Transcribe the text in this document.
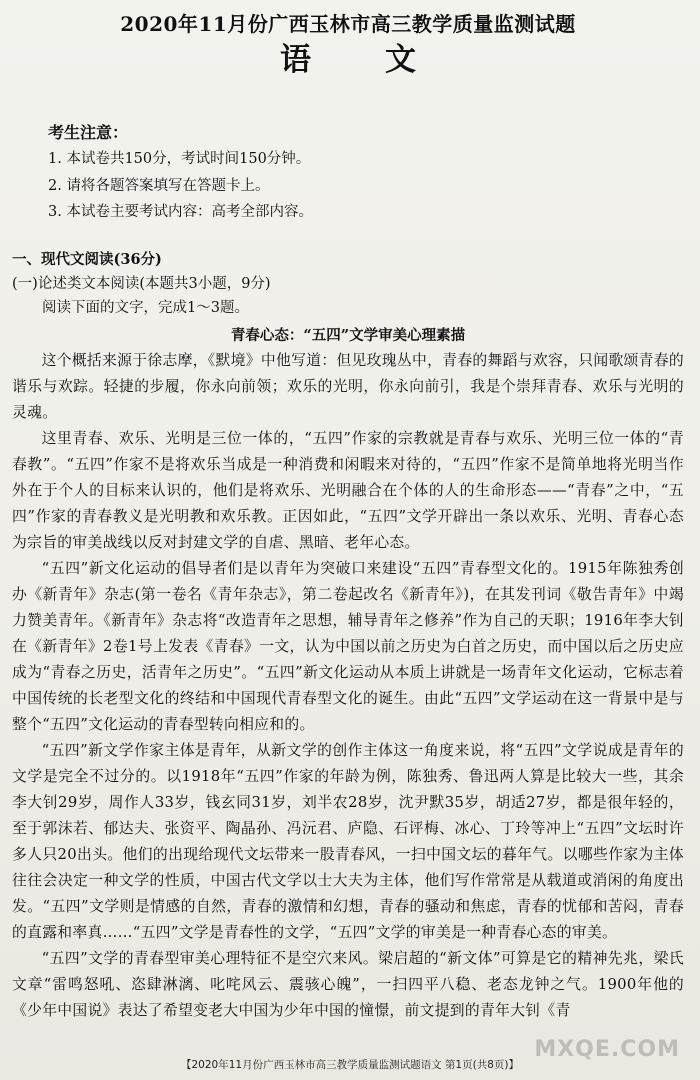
2020年11月份广西玉林市高三教学质量监测试题
语文
考生注意：
1. 本试卷共150分，考试时间150分钟。
2. 请将各题答案填写在答题卡上。
3. 本试卷主要考试内容：高考全部内容。
一、现代文阅读(36分)
(一)论述类文本阅读(本题共3小题，9分)
阅读下面的文字，完成1～3题。
青春心态：“五四”文学审美心理素描

这个概括来源于徐志摩，《默境》中他写道：但见玫瑰丛中，青春的舞蹈与欢容，只闻歌颂青春的谐乐与欢踪。轻捷的步履，你永向前领；欢乐的光明，你永向前引，我是个崇拜青春、欢乐与光明的灵魂。

这里青春、欢乐、光明是三位一体的，“五四”作家的宗教就是青春与欢乐、光明三位一体的“青春教”。“五四”作家不是将欢乐当成是一种消费和闲暇来对待的，“五四”作家不是简单地将光明当作外在于个人的目标来认识的，他们是将欢乐、光明融合在个体的人的生命形态——“青春”之中，“五四”作家的青春教义是光明教和欢乐教。正因如此，“五四”文学开辟出一条以欢乐、光明、青春心态为宗旨的审美战线以反对封建文学的自虐、黑暗、老年心态。

“五四”新文化运动的倡导者们是以青年为突破口来建设“五四”青春型文化的。1915年陈独秀创办《新青年》杂志(第一卷名《青年杂志》，第二卷起改名《新青年》)，在其发刊词《敬告青年》中竭力赞美青年。《新青年》杂志将“改造青年之思想，辅导青年之修养”作为自己的天职；1916年李大钊在《新青年》2卷1号上发表《青春》一文，认为中国以前之历史为白首之历史，而中国以后之历史应成为“青春之历史，活青年之历史”。“五四”新文化运动从本质上讲就是一场青年文化运动，它标志着中国传统的长老型文化的终结和中国现代青春型文化的诞生。由此“五四”文学运动在这一背景中是与整个“五四”文化运动的青春型转向相应和的。

“五四”新文学作家主体是青年，从新文学的创作主体这一角度来说，将“五四”文学说成是青年的文学是完全不过分的。以1918年“五四”作家的年龄为例，陈独秀、鲁迅两人算是比较大一些，其余李大钊29岁，周作人33岁，钱玄同31岁，刘半农28岁，沈尹默35岁，胡适27岁，都是很年轻的，至于郭沫若、郁达夫、张资平、陶晶孙、冯沅君、庐隐、石评梅、冰心、丁玲等冲上“五四”文坛时许多人只20出头。他们的出现给现代文坛带来一股青春风，一扫中国文坛的暮年气。以哪些作家为主体往往会决定一种文学的性质，中国古代文学以士大夫为主体，他们写作常常是从载道或消闲的角度出发。“五四”文学则是情感的自然，青春的激情和幻想，青春的骚动和焦虑，青春的忧郁和苦闷，青春的直露和率真……“五四”文学是青春性的文学，“五四”文学的审美是一种青春心态的审美。

“五四”文学的青春型审美心理特征不是空穴来风。梁启超的“新文体”可算是它的精神先兆，梁氏文章“雷鸣怒吼、恣肆淋漓、叱咤风云、震骇心魄”，一扫四平八稳、老态龙钟之气。1900年他的《少年中国说》表达了希望变老大中国为少年中国的憧憬，前文提到的青年大钊《青

【2020年11月份广西玉林市高三教学质量监测试题语文 第1页(共8页)】
MXQE.COM
